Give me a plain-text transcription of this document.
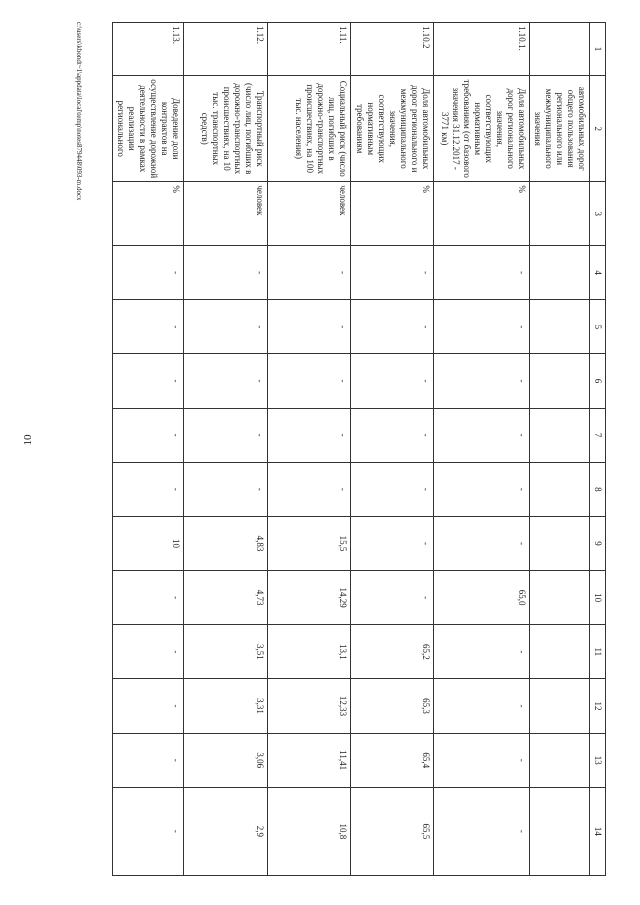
10
1	2	3	4	5	6	7	8	9	10	11	12	13	14
	автомобильных дорог общего пользования регионального или межмуниципального значения												
1.10.1.	Доля автомобильных дорог регионального значения, соответствующих нормативным требованиям (от базового значения 31.12.2017 - 3771 км)	%	-	-	-	-	-	-	65,0	-	-	-	-
1.10.2	Доля автомобильных дорог регионального и межмуниципального значения, соответствующих нормативным требованиям	%	-	-	-	-	-	-	-	65,2	65,3	65,4	65,5
1.11.	Социальный риск (число лиц, погибших в дорожно-транспортных происшествиях, на 100 тыс. населения)	человек	-	-	-	-	-	15,5	14,29	13,1	12,33	11,41	10,8
1.12.	Транспортный риск (число лиц, погибших в дорожно-транспортных происшествиях, на 10 тыс. транспортных средств)	человек	-	-	-	-	-	4,83	4,73	3,51	3,31	3,06	2,9
1.13.	Доведение доли контрактов на осуществление дорожной деятельности в рамках реализации регионального	%	-	-	-	-	-	10	-	-	-	-	-
c:\users\kbondt~1\appdata\local\temp\notes879448\093-m.docx
